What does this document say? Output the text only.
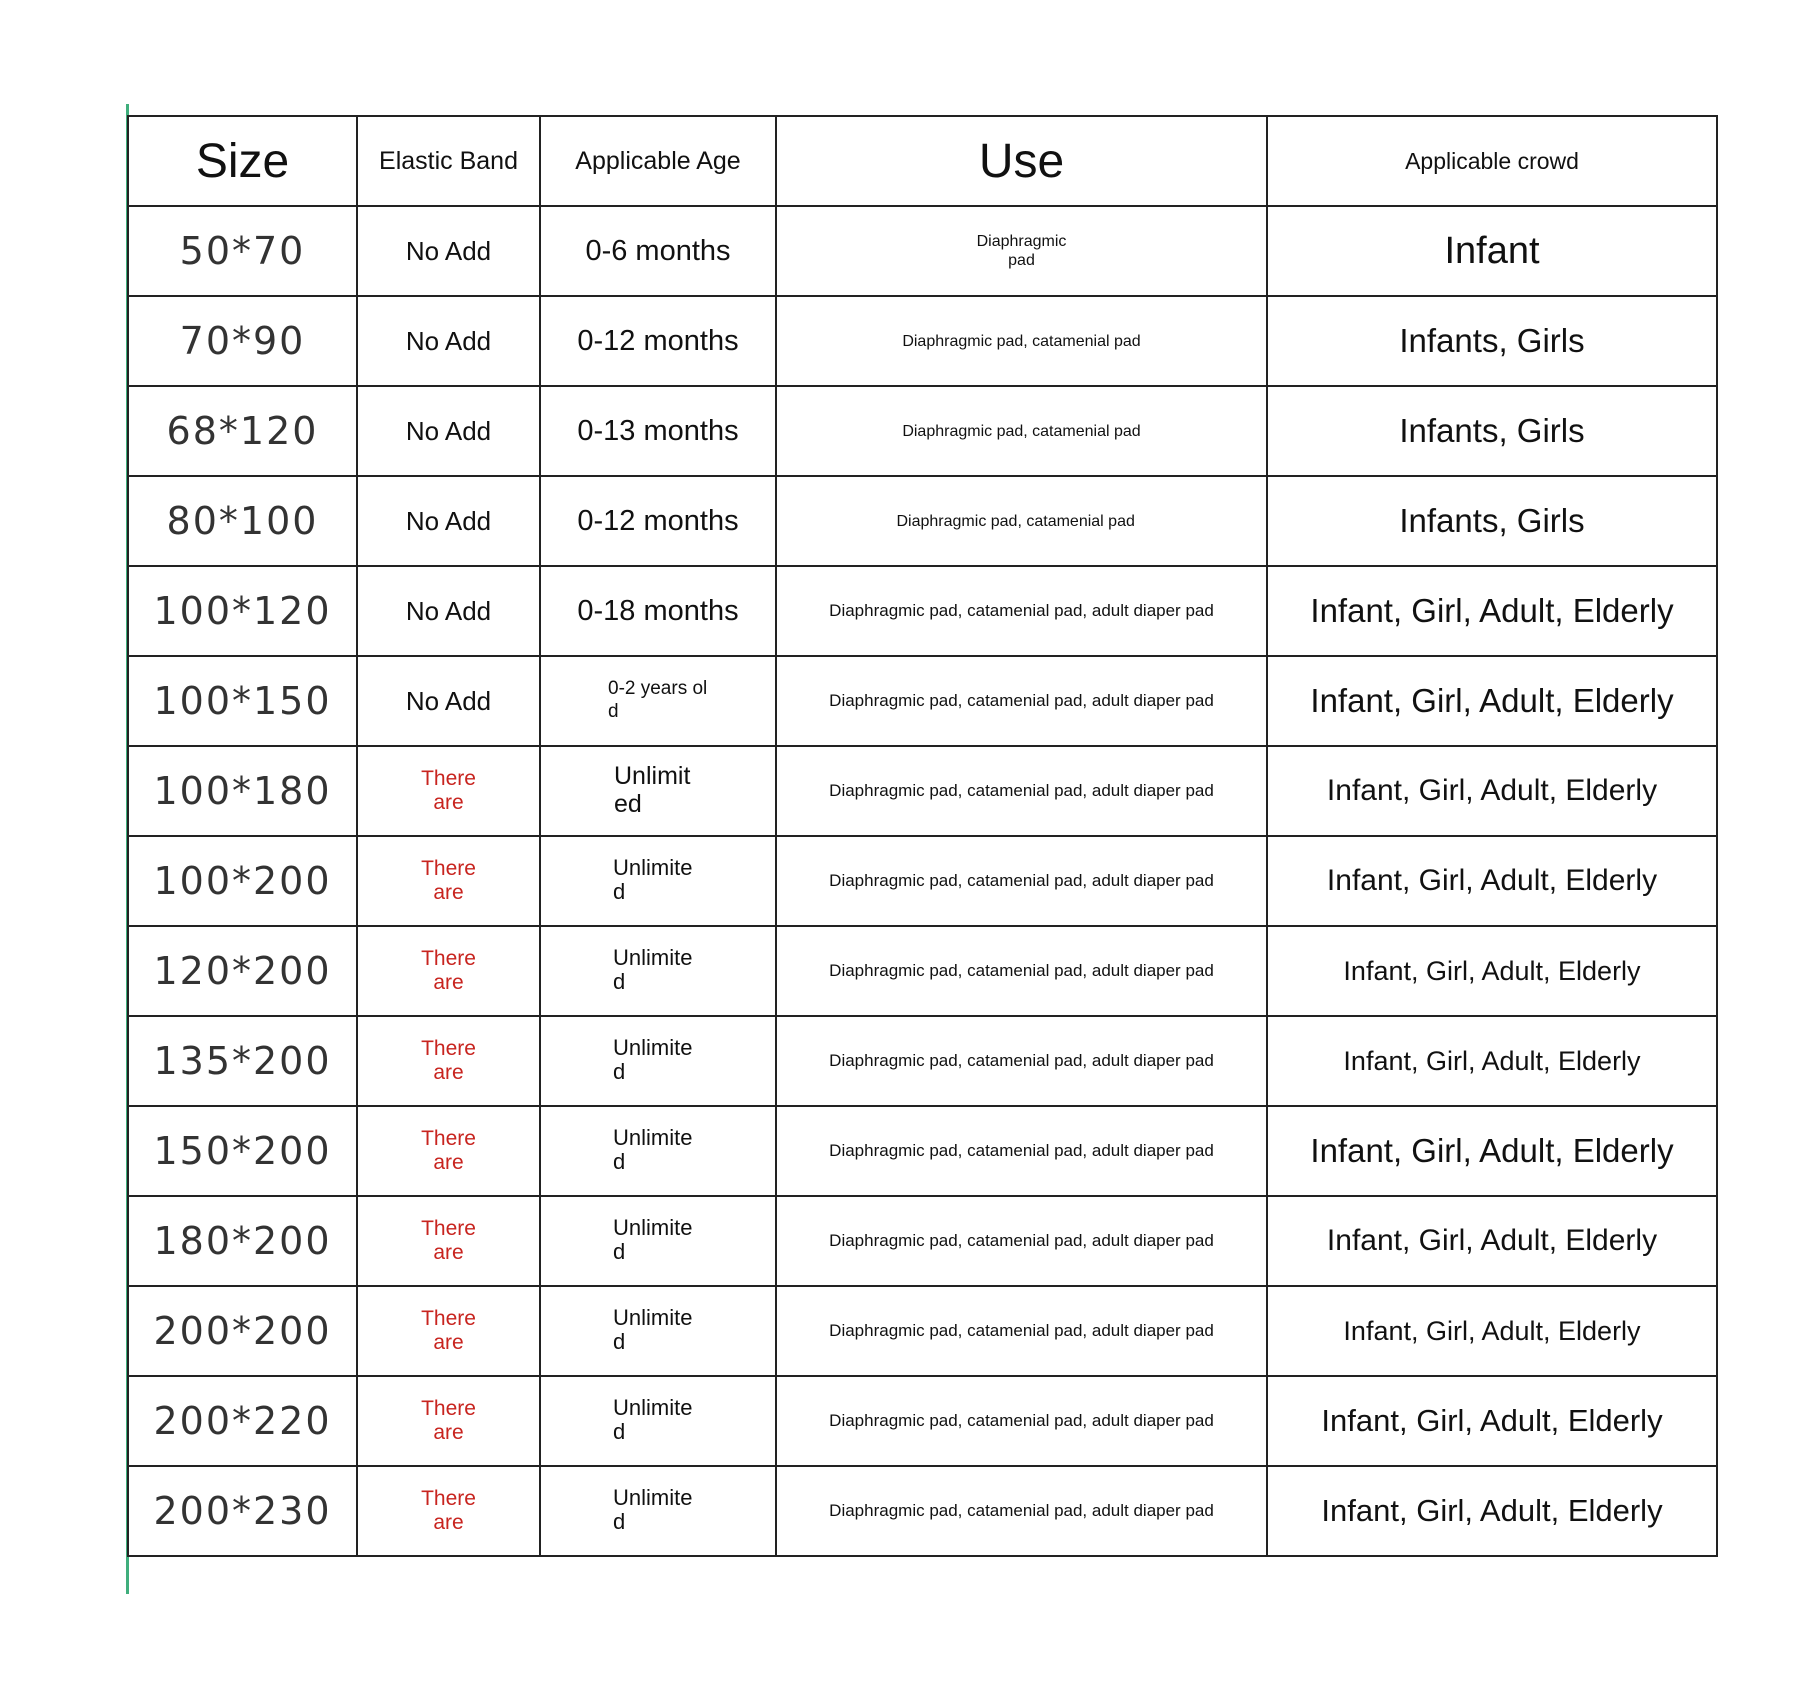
Size	Elastic Band	Applicable Age	Use	Applicable crowd
50*70	No Add	0-6 months	Diaphragmic pad	Infant
70*90	No Add	0-12 months	Diaphragmic pad, catamenial pad	Infants, Girls
68*120	No Add	0-13 months	Diaphragmic pad, catamenial pad	Infants, Girls
80*100	No Add	0-12 months	Diaphragmic pad, catamenial pad	Infants, Girls
100*120	No Add	0-18 months	Diaphragmic pad, catamenial pad, adult diaper pad	Infant, Girl, Adult, Elderly
100*150	No Add	0-2 years old	Diaphragmic pad, catamenial pad, adult diaper pad	Infant, Girl, Adult, Elderly
100*180	There are	Unlimited	Diaphragmic pad, catamenial pad, adult diaper pad	Infant, Girl, Adult, Elderly
100*200	There are	Unlimited	Diaphragmic pad, catamenial pad, adult diaper pad	Infant, Girl, Adult, Elderly
120*200	There are	Unlimited	Diaphragmic pad, catamenial pad, adult diaper pad	Infant, Girl, Adult, Elderly
135*200	There are	Unlimited	Diaphragmic pad, catamenial pad, adult diaper pad	Infant, Girl, Adult, Elderly
150*200	There are	Unlimited	Diaphragmic pad, catamenial pad, adult diaper pad	Infant, Girl, Adult, Elderly
180*200	There are	Unlimited	Diaphragmic pad, catamenial pad, adult diaper pad	Infant, Girl, Adult, Elderly
200*200	There are	Unlimited	Diaphragmic pad, catamenial pad, adult diaper pad	Infant, Girl, Adult, Elderly
200*220	There are	Unlimited	Diaphragmic pad, catamenial pad, adult diaper pad	Infant, Girl, Adult, Elderly
200*230	There are	Unlimited	Diaphragmic pad, catamenial pad, adult diaper pad	Infant, Girl, Adult, Elderly
